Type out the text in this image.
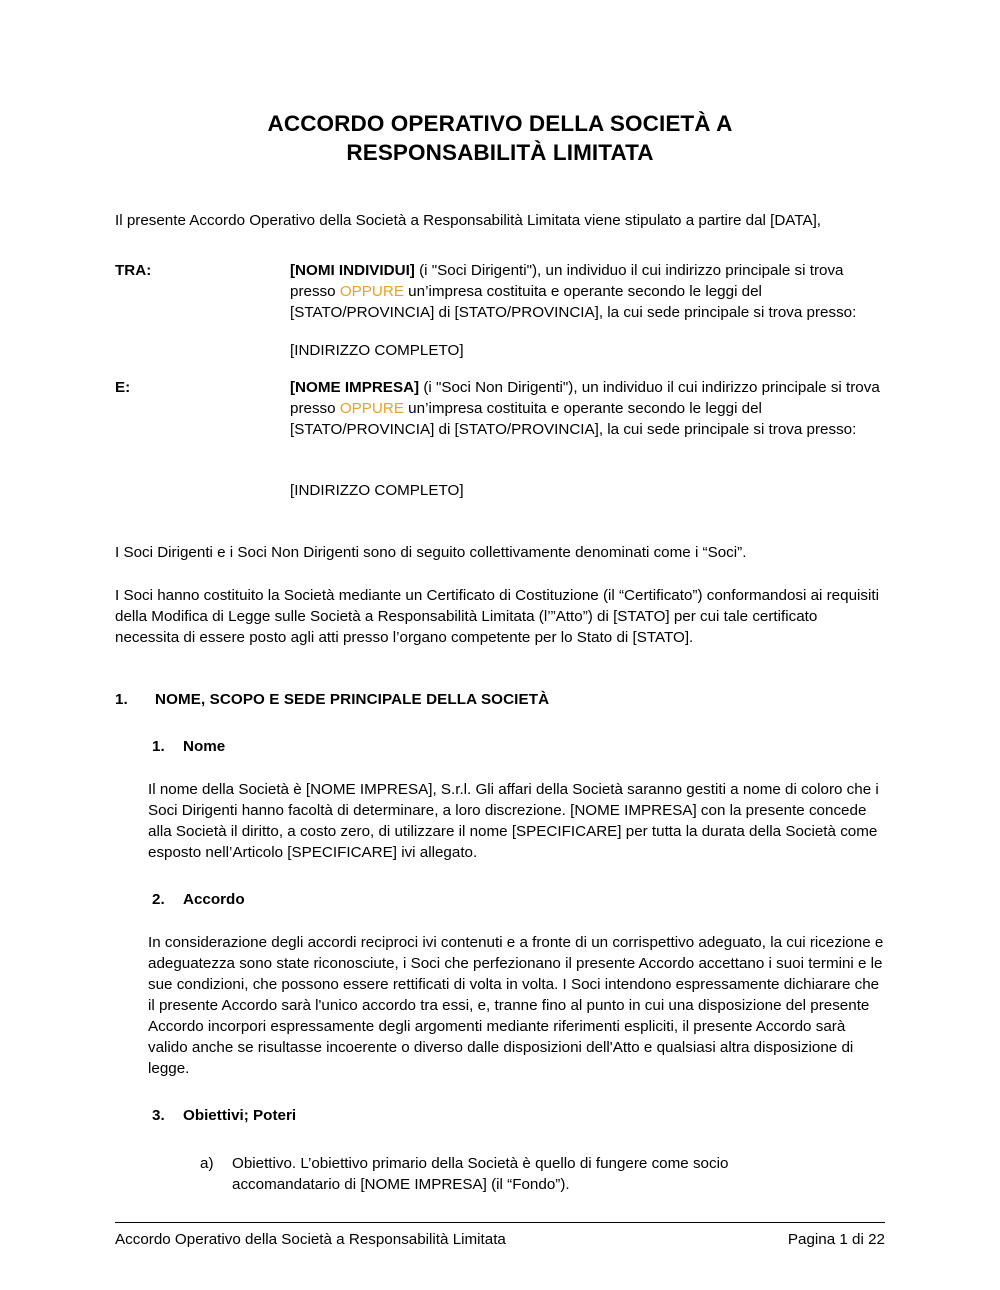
ACCORDO OPERATIVO DELLA SOCIETÀ A
RESPONSABILITÀ LIMITATA

Il presente Accordo Operativo della Società a Responsabilità Limitata viene stipulato a partire dal [DATA],

TRA:	[NOMI INDIVIDUI] (i "Soci Dirigenti"), un individuo il cui indirizzo principale si trova presso OPPURE un’impresa costituita e operante secondo le leggi del [STATO/PROVINCIA] di [STATO/PROVINCIA], la cui sede principale si trova presso:

[INDIRIZZO COMPLETO]

E:	[NOME IMPRESA] (i "Soci Non Dirigenti"), un individuo il cui indirizzo principale si trova presso OPPURE un’impresa costituita e operante secondo le leggi del [STATO/PROVINCIA] di [STATO/PROVINCIA], la cui sede principale si trova presso:

[INDIRIZZO COMPLETO]

I Soci Dirigenti e i Soci Non Dirigenti sono di seguito collettivamente denominati come i “Soci”.

I Soci hanno costituito la Società mediante un Certificato di Costituzione (il “Certificato”) conformandosi ai requisiti della Modifica di Legge sulle Società a Responsabilità Limitata (l’”Atto”) di [STATO] per cui tale certificato necessita di essere posto agli atti presso l’organo competente per lo Stato di [STATO].

1.	NOME, SCOPO E SEDE PRINCIPALE DELLA SOCIETÀ
1.	Nome

Il nome della Società è [NOME IMPRESA], S.r.l. Gli affari della Società saranno gestiti a nome di coloro che i Soci Dirigenti hanno facoltà di determinare, a loro discrezione. [NOME IMPRESA] con la presente concede alla Società il diritto, a costo zero, di utilizzare il nome [SPECIFICARE] per tutta la durata della Società come esposto nell’Articolo [SPECIFICARE] ivi allegato.

2.	Accordo

In considerazione degli accordi reciproci ivi contenuti e a fronte di un corrispettivo adeguato, la cui ricezione e adeguatezza sono state riconosciute, i Soci che perfezionano il presente Accordo accettano i suoi termini e le sue condizioni, che possono essere rettificati di volta in volta. I Soci intendono espressamente dichiarare che il presente Accordo sarà l'unico accordo tra essi, e, tranne fino al punto in cui una disposizione del presente Accordo incorpori espressamente degli argomenti mediante riferimenti espliciti, il presente Accordo sarà valido anche se risultasse incoerente o diverso dalle disposizioni dell'Atto e qualsiasi altra disposizione di legge.

3.	Obiettivi; Poteri
a)	Obiettivo. L’obiettivo primario della Società è quello di fungere come socio accomandatario di [NOME IMPRESA] (il “Fondo”).
Accordo Operativo della Società a Responsabilità Limitata	Pagina 1 di 22
